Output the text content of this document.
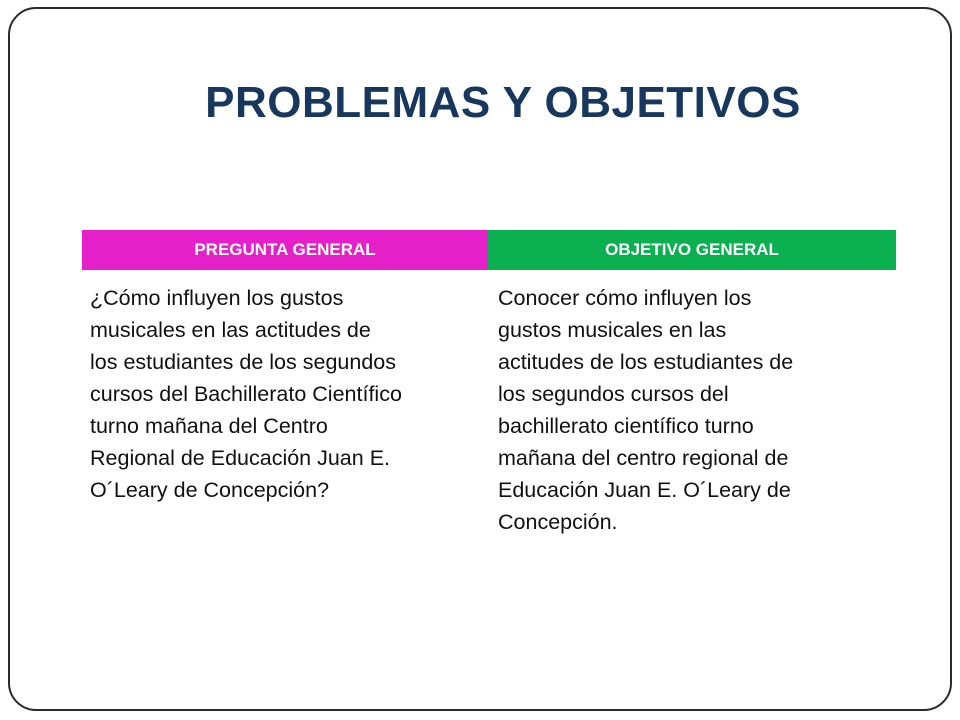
PROBLEMAS Y OBJETIVOS
PREGUNTA GENERAL	OBJETIVO GENERAL
¿Cómo influyen los gustos
musicales en las actitudes de
los estudiantes de los segundos
cursos del Bachillerato Científico
turno mañana del Centro
Regional de Educación Juan E.
O´Leary de Concepción?
Conocer cómo influyen los
gustos musicales en las
actitudes de los estudiantes de
los segundos cursos del
bachillerato científico turno
mañana del centro regional de
Educación Juan E. O´Leary de
Concepción.
